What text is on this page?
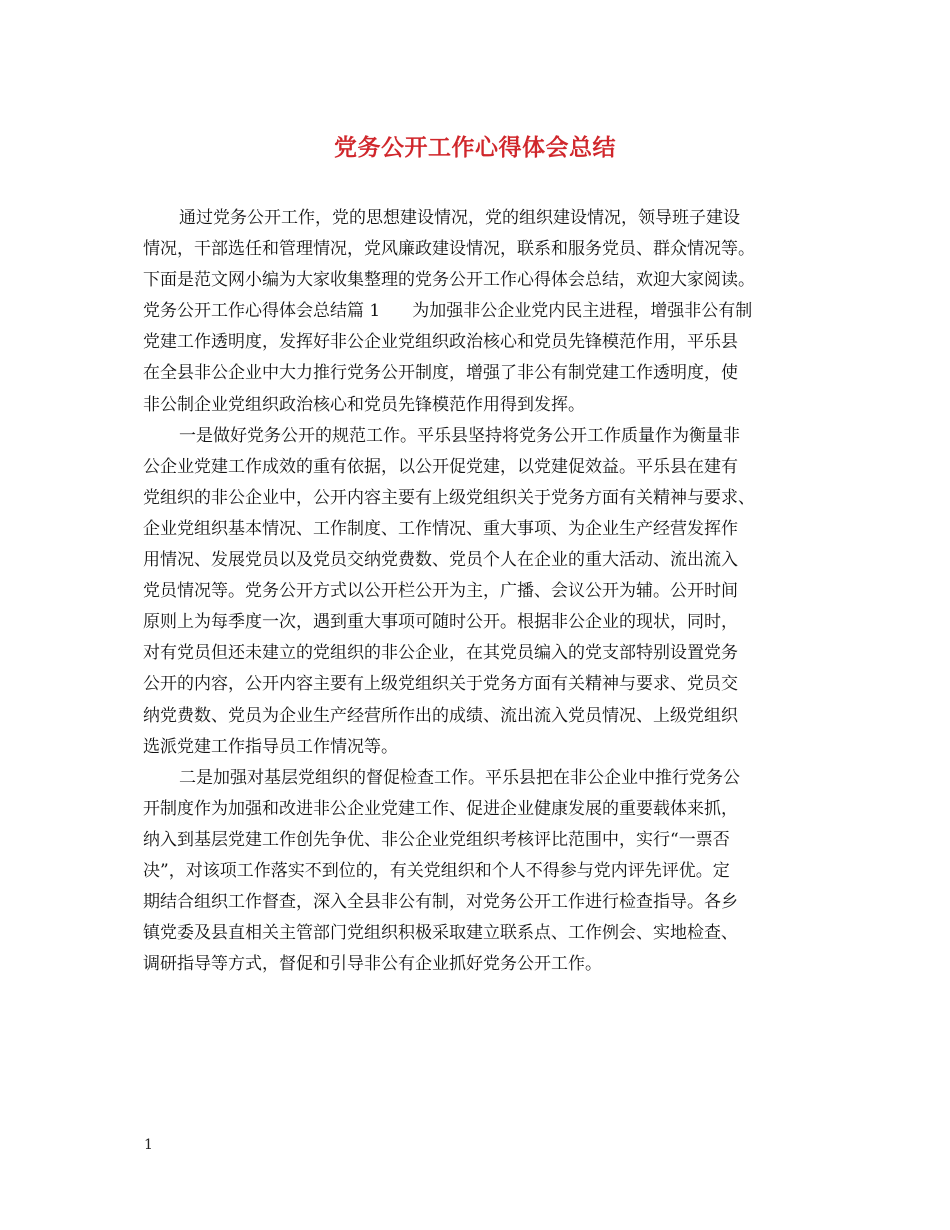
党务公开工作心得体会总结
通过党务公开工作，党的思想建设情况，党的组织建设情况，领导班子建设
情况，干部选任和管理情况，党风廉政建设情况，联系和服务党员、群众情况等。
下面是范文网小编为大家收集整理的党务公开工作心得体会总结，欢迎大家阅读。
党务公开工作心得体会总结篇 1 为加强非公企业党内民主进程，增强非公有制
党建工作透明度，发挥好非公企业党组织政治核心和党员先锋模范作用，平乐县
在全县非公企业中大力推行党务公开制度，增强了非公有制党建工作透明度，使
非公制企业党组织政治核心和党员先锋模范作用得到发挥。
一是做好党务公开的规范工作。平乐县坚持将党务公开工作质量作为衡量非
公企业党建工作成效的重有依据，以公开促党建，以党建促效益。平乐县在建有
党组织的非公企业中，公开内容主要有上级党组织关于党务方面有关精神与要求、
企业党组织基本情况、工作制度、工作情况、重大事项、为企业生产经营发挥作
用情况、发展党员以及党员交纳党费数、党员个人在企业的重大活动、流出流入
党员情况等。党务公开方式以公开栏公开为主，广播、会议公开为辅。公开时间
原则上为每季度一次，遇到重大事项可随时公开。根据非公企业的现状，同时，
对有党员但还未建立的党组织的非公企业，在其党员编入的党支部特别设置党务
公开的内容，公开内容主要有上级党组织关于党务方面有关精神与要求、党员交
纳党费数、党员为企业生产经营所作出的成绩、流出流入党员情况、上级党组织
选派党建工作指导员工作情况等。
二是加强对基层党组织的督促检查工作。平乐县把在非公企业中推行党务公
开制度作为加强和改进非公企业党建工作、促进企业健康发展的重要载体来抓，
纳入到基层党建工作创先争优、非公企业党组织考核评比范围中，实行“一票否
决”，对该项工作落实不到位的，有关党组织和个人不得参与党内评先评优。定
期结合组织工作督查，深入全县非公有制，对党务公开工作进行检查指导。各乡
镇党委及县直相关主管部门党组织积极采取建立联系点、工作例会、实地检查、
调研指导等方式，督促和引导非公有企业抓好党务公开工作。
1
